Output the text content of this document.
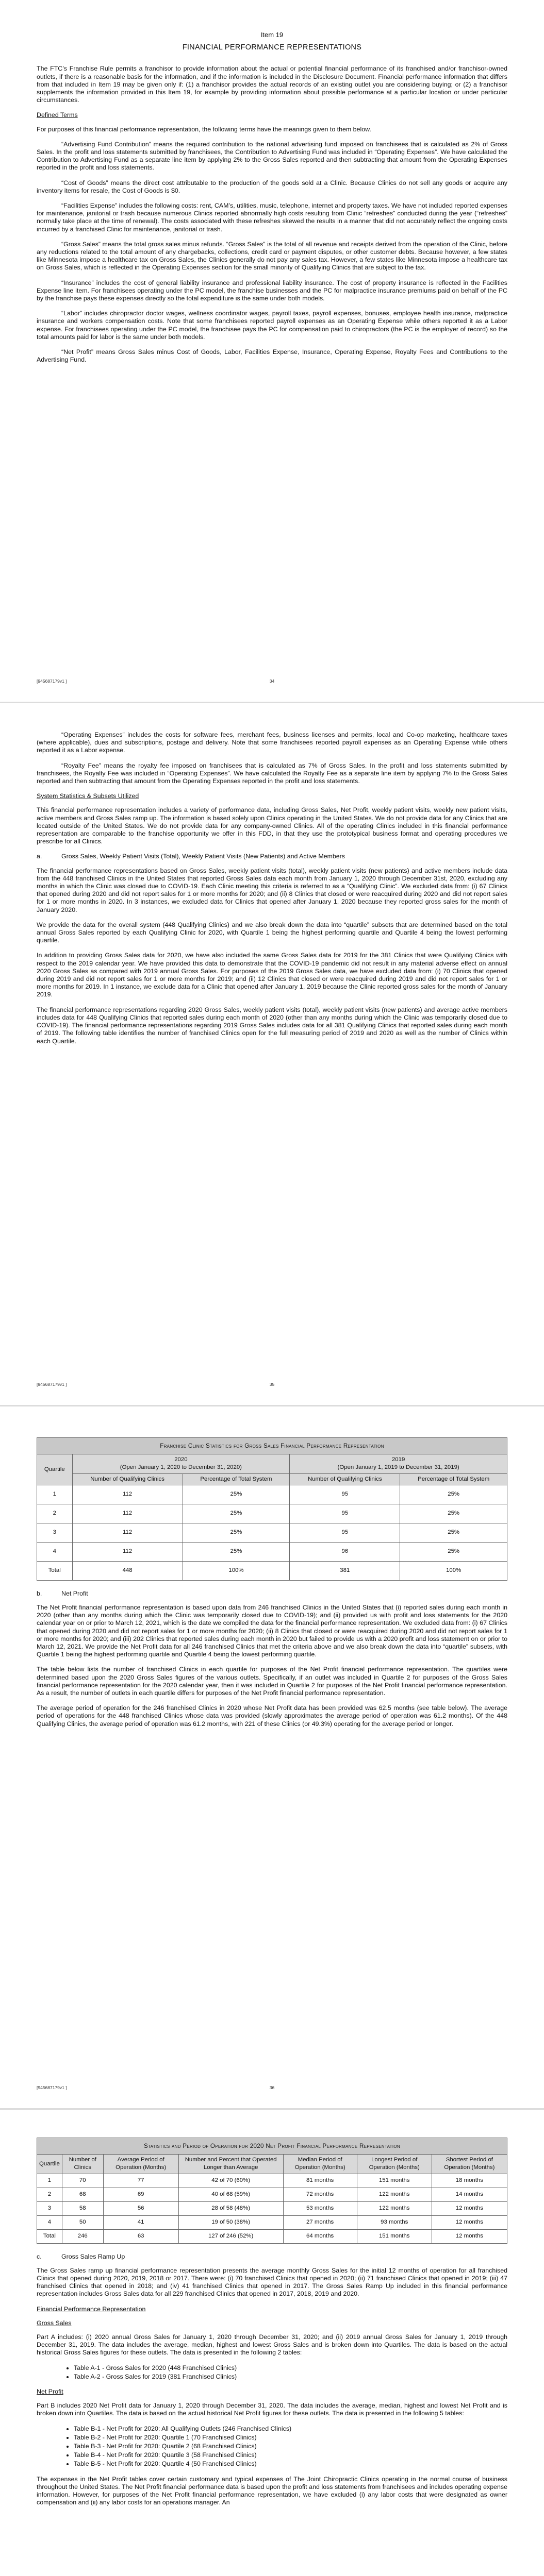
Item 19
FINANCIAL PERFORMANCE REPRESENTATIONS

The FTC’s Franchise Rule permits a franchisor to provide information about the actual or potential financial performance of its franchised and/or franchisor-owned outlets, if there is a reasonable basis for the information, and if the information is included in the Disclosure Document. Financial performance information that differs from that included in Item 19 may be given only if: (1) a franchisor provides the actual records of an existing outlet you are considering buying; or (2) a franchisor supplements the information provided in this Item 19, for example by providing information about possible performance at a particular location or under particular circumstances.

Defined Terms

For purposes of this financial performance representation, the following terms have the meanings given to them below.

“Advertising Fund Contribution” means the required contribution to the national advertising fund imposed on franchisees that is calculated as 2% of Gross Sales. In the profit and loss statements submitted by franchisees, the Contribution to Advertising Fund was included in “Operating Expenses”. We have calculated the Contribution to Advertising Fund as a separate line item by applying 2% to the Gross Sales reported and then subtracting that amount from the Operating Expenses reported in the profit and loss statements.

“Cost of Goods” means the direct cost attributable to the production of the goods sold at a Clinic. Because Clinics do not sell any goods or acquire any inventory items for resale, the Cost of Goods is $0.

“Facilities Expense” includes the following costs: rent, CAM’s, utilities, music, telephone, internet and property taxes. We have not included reported expenses for maintenance, janitorial or trash because numerous Clinics reported abnormally high costs resulting from Clinic “refreshes” conducted during the year (“refreshes” normally take place at the time of renewal). The costs associated with these refreshes skewed the results in a manner that did not accurately reflect the ongoing costs incurred by a franchised Clinic for maintenance, janitorial or trash.

“Gross Sales” means the total gross sales minus refunds. “Gross Sales” is the total of all revenue and receipts derived from the operation of the Clinic, before any reductions related to the total amount of any chargebacks, collections, credit card or payment disputes, or other customer debts. Because however, a few states like Minnesota impose a healthcare tax on Gross Sales, the Clinics generally do not pay any sales tax. However, a few states like Minnesota impose a healthcare tax on Gross Sales, which is reflected in the Operating Expenses section for the small minority of Qualifying Clinics that are subject to the tax.

“Insurance” includes the cost of general liability insurance and professional liability insurance. The cost of property insurance is reflected in the Facilities Expense line item. For franchisees operating under the PC model, the franchise businesses and the PC for malpractice insurance premiums paid on behalf of the PC by the franchise pays these expenses directly so the total expenditure is the same under both models.

“Labor” includes chiropractor doctor wages, wellness coordinator wages, payroll taxes, payroll expenses, bonuses, employee health insurance, malpractice insurance and workers compensation costs. Note that some franchisees reported payroll expenses as an Operating Expense while others reported it as a Labor expense. For franchisees operating under the PC model, the franchisee pays the PC for compensation paid to chiropractors (the PC is the employer of record) so the total amounts paid for labor is the same under both models.

“Net Profit” means Gross Sales minus Cost of Goods, Labor, Facilities Expense, Insurance, Operating Expense, Royalty Fees and Contributions to the Advertising Fund.

[945687179v1 ]	34

“Operating Expenses” includes the costs for software fees, merchant fees, business licenses and permits, local and Co-op marketing, healthcare taxes (where applicable), dues and subscriptions, postage and delivery. Note that some franchisees reported payroll expenses as an Operating Expense while others reported it as a Labor expense.

“Royalty Fee” means the royalty fee imposed on franchisees that is calculated as 7% of Gross Sales. In the profit and loss statements submitted by franchisees, the Royalty Fee was included in “Operating Expenses”. We have calculated the Royalty Fee as a separate line item by applying 7% to the Gross Sales reported and then subtracting that amount from the Operating Expenses reported in the profit and loss statements.

System Statistics & Subsets Utilized

This financial performance representation includes a variety of performance data, including Gross Sales, Net Profit, weekly patient visits, weekly new patient visits, active members and Gross Sales ramp up. The information is based solely upon Clinics operating in the United States. We do not provide data for any Clinics that are located outside of the United States. We do not provide data for any company-owned Clinics. All of the operating Clinics included in this financial performance representation are comparable to the franchise opportunity we offer in this FDD, in that they use the prototypical business format and operating procedures we prescribe for all Clinics.

a.	Gross Sales, Weekly Patient Visits (Total), Weekly Patient Visits (New Patients) and Active Members

The financial performance representations based on Gross Sales, weekly patient visits (total), weekly patient visits (new patients) and active members include data from the 448 franchised Clinics in the United States that reported Gross Sales data each month from January 1, 2020 through December 31st, 2020, excluding any months in which the Clinic was closed due to COVID-19. Each Clinic meeting this criteria is referred to as a “Qualifying Clinic”. We excluded data from: (i) 67 Clinics that opened during 2020 and did not report sales for 1 or more months for 2020; and (ii) 8 Clinics that closed or were reacquired during 2020 and did not report sales for 1 or more months in 2020. In 3 instances, we excluded data for Clinics that opened after January 1, 2020 because they reported gross sales for the month of January 2020.

We provide the data for the overall system (448 Qualifying Clinics) and we also break down the data into “quartile” subsets that are determined based on the total annual Gross Sales reported by each Qualifying Clinic for 2020, with Quartile 1 being the highest performing quartile and Quartile 4 being the lowest performing quartile.

In addition to providing Gross Sales data for 2020, we have also included the same Gross Sales data for 2019 for the 381 Clinics that were Qualifying Clinics with respect to the 2019 calendar year. We have provided this data to demonstrate that the COVID-19 pandemic did not result in any material adverse effect on annual 2020 Gross Sales as compared with 2019 annual Gross Sales. For purposes of the 2019 Gross Sales data, we have excluded data from: (i) 70 Clinics that opened during 2019 and did not report sales for 1 or more months for 2019; and (ii) 12 Clinics that closed or were reacquired during 2019 and did not report sales for 1 or more months for 2019. In 1 instance, we exclude data for a Clinic that opened after January 1, 2019 because the Clinic reported gross sales for the month of January 2019.

The financial performance representations regarding 2020 Gross Sales, weekly patient visits (total), weekly patient visits (new patients) and average active members includes data for 448 Qualifying Clinics that reported sales during each month of 2020 (other than any months during which the Clinic was temporarily closed due to COVID-19). The financial performance representations regarding 2019 Gross Sales includes data for all 381 Qualifying Clinics that reported sales during each month of 2019. The following table identifies the number of franchised Clinics open for the full measuring period of 2019 and 2020 as well as the number of Clinics within each Quartile.

[945687179v1 ]	35
Franchise Clinic Statistics for Gross Sales Financial Performance Representation				
Quartile	2020
(Open January 1, 2020 to December 31, 2020)		2019
(Open January 1, 2019 to December 31, 2019)	
	Number of Qualifying Clinics	Percentage of Total System	Number of Qualifying Clinics	Percentage of Total System
1	112	25%	95	25%
2	112	25%	95	25%
3	112	25%	95	25%
4	112	25%	96	25%
Total	448	100%	381	100%

b.	Net Profit

The Net Profit financial performance representation is based upon data from 246 franchised Clinics in the United States that (i) reported sales during each month in 2020 (other than any months during which the Clinic was temporarily closed due to COVID-19); and (ii) provided us with profit and loss statements for the 2020 calendar year on or prior to March 12, 2021, which is the date we compiled the data for the financial performance representation. We excluded data from: (i) 67 Clinics that opened during 2020 and did not report sales for 1 or more months for 2020; (ii) 8 Clinics that closed or were reacquired during 2020 and did not report sales for 1 or more months for 2020; and (iii) 202 Clinics that reported sales during each month in 2020 but failed to provide us with a 2020 profit and loss statement on or prior to March 12, 2021. We provide the Net Profit data for all 246 franchised Clinics that met the criteria above and we also break down the data into “quartile” subsets, with Quartile 1 being the highest performing quartile and Quartile 4 being the lowest performing quartile.

The table below lists the number of franchised Clinics in each quartile for purposes of the Net Profit financial performance representation. The quartiles were determined based upon the 2020 Gross Sales figures of the various outlets. Specifically, if an outlet was included in Quartile 2 for purposes of the Gross Sales financial performance representation for the 2020 calendar year, then it was included in Quartile 2 for purposes of the Net Profit financial performance representation. As a result, the number of outlets in each quartile differs for purposes of the Net Profit financial performance representation.

The average period of operation for the 246 franchised Clinics in 2020 whose Net Profit data has been provided was 62.5 months (see table below). The average period of operations for the 448 franchised Clinics whose data was provided (slowly approximates the average period of operation was 61.2 months). Of the 448 Qualifying Clinics, the average period of operation was 61.2 months, with 221 of these Clinics (or 49.3%) operating for the average period or longer.

[945687179v1 ]	36
Statistics and Period of Operation for 2020 Net Profit Financial Performance Representation						
Quartile	Number of Clinics	Average Period of Operation (Months)	Number and Percent that Operated Longer than Average	Median Period of Operation (Months)	Longest Period of Operation (Months)	Shortest Period of Operation (Months)
1	70	77	42 of 70 (60%)	81 months	151 months	18 months
2	68	69	40 of 68 (59%)	72 months	122 months	14 months
3	58	56	28 of 58 (48%)	53 months	122 months	12 months
4	50	41	19 of 50 (38%)	27 months	93 months	12 months
Total	246	63	127 of 246 (52%)	64 months	151 months	12 months

c.	Gross Sales Ramp Up

The Gross Sales ramp up financial performance representation presents the average monthly Gross Sales for the initial 12 months of operation for all franchised Clinics that opened during 2020, 2019, 2018 or 2017. There were: (i) 70 franchised Clinics that opened in 2020; (ii) 71 franchised Clinics that opened in 2019; (iii) 47 franchised Clinics that opened in 2018; and (iv) 41 franchised Clinics that opened in 2017. The Gross Sales Ramp Up included in this financial performance representation includes Gross Sales data for all 229 franchised Clinics that opened in 2017, 2018, 2019 and 2020.

Financial Performance Representation

Gross Sales

Part A includes: (i) 2020 annual Gross Sales for January 1, 2020 through December 31, 2020; and (ii) 2019 annual Gross Sales for January 1, 2019 through December 31, 2019. The data includes the average, median, highest and lowest Gross Sales and is broken down into Quartiles. The data is based on the actual historical Gross Sales figures for these outlets. The data is presented in the following 2 tables:

• Table A-1 - Gross Sales for 2020 (448 Franchised Clinics)
• Table A-2 - Gross Sales for 2019 (381 Franchised Clinics)

Net Profit

Part B includes 2020 Net Profit data for January 1, 2020 through December 31, 2020. The data includes the average, median, highest and lowest Net Profit and is broken down into Quartiles. The data is based on the actual historical Net Profit figures for these outlets. The data is presented in the following 5 tables:

• Table B-1 - Net Profit for 2020: All Qualifying Outlets (246 Franchised Clinics)
• Table B-2 - Net Profit for 2020: Quartile 1 (70 Franchised Clinics)
• Table B-3 - Net Profit for 2020: Quartile 2 (68 Franchised Clinics)
• Table B-4 - Net Profit for 2020: Quartile 3 (58 Franchised Clinics)
• Table B-5 - Net Profit for 2020: Quartile 4 (50 Franchised Clinics)

The expenses in the Net Profit tables cover certain customary and typical expenses of The Joint Chiropractic Clinics operating in the normal course of business throughout the United States. The Net Profit financial performance data is based upon the profit and loss statements from franchisees and includes operating expense information. However, for purposes of the Net Profit financial performance representation, we have excluded (i) any labor costs that were designated as owner compensation and (ii) any labor costs for an operations manager. An
